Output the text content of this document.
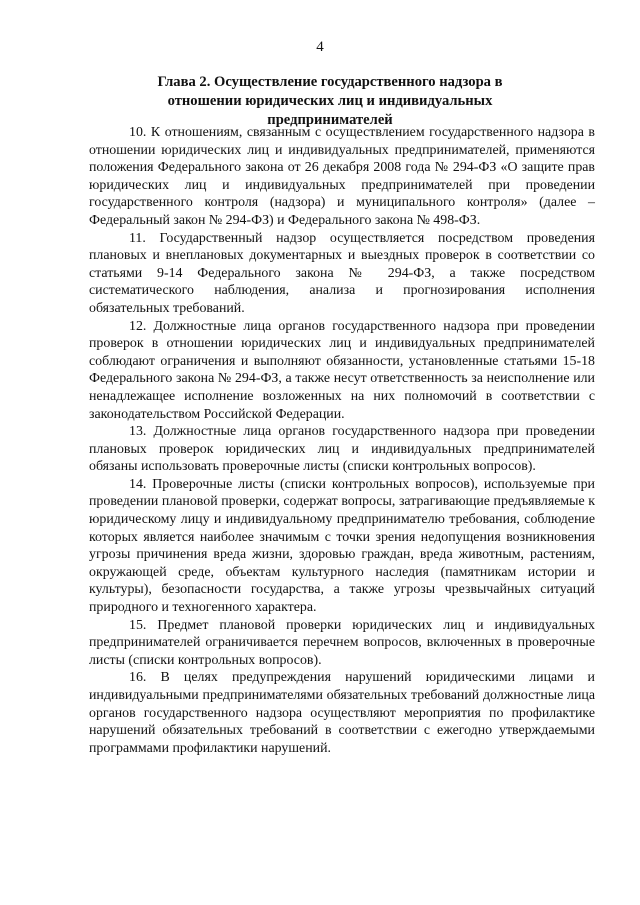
4
Глава 2. Осуществление государственного надзора в отношении юридических лиц и индивидуальных предпринимателей

10. К отношениям, связанным с осуществлением государственного надзора в отношении юридических лиц и индивидуальных предпринимателей, применяются положения Федерального закона от 26 декабря 2008 года № 294-ФЗ «О защите прав юридических лиц и индивидуальных предпринимателей при проведении государственного контроля (надзора) и муниципального контроля» (далее – Федеральный закон № 294-ФЗ) и Федерального закона № 498-ФЗ.

11. Государственный надзор осуществляется посредством проведения плановых и внеплановых документарных и выездных проверок в соответствии со статьями 9-14 Федерального закона № 294-ФЗ, а также посредством систематического наблюдения, анализа и прогнозирования исполнения обязательных требований.

12. Должностные лица органов государственного надзора при проведении проверок в отношении юридических лиц и индивидуальных предпринимателей соблюдают ограничения и выполняют обязанности, установленные статьями 15-18 Федерального закона № 294-ФЗ, а также несут ответственность за неисполнение или ненадлежащее исполнение возложенных на них полномочий в соответствии с законодательством Российской Федерации.

13. Должностные лица органов государственного надзора при проведении плановых проверок юридических лиц и индивидуальных предпринимателей обязаны использовать проверочные листы (списки контрольных вопросов).

14. Проверочные листы (списки контрольных вопросов), используемые при проведении плановой проверки, содержат вопросы, затрагивающие предъявляемые к юридическому лицу и индивидуальному предпринимателю требования, соблюдение которых является наиболее значимым с точки зрения недопущения возникновения угрозы причинения вреда жизни, здоровью граждан, вреда животным, растениям, окружающей среде, объектам культурного наследия (памятникам истории и культуры), безопасности государства, а также угрозы чрезвычайных ситуаций природного и техногенного характера.

15. Предмет плановой проверки юридических лиц и индивидуальных предпринимателей ограничивается перечнем вопросов, включенных в проверочные листы (списки контрольных вопросов).

16. В целях предупреждения нарушений юридическими лицами и индивидуальными предпринимателями обязательных требований должностные лица органов государственного надзора осуществляют мероприятия по профилактике нарушений обязательных требований в соответствии с ежегодно утверждаемыми программами профилактики нарушений.
